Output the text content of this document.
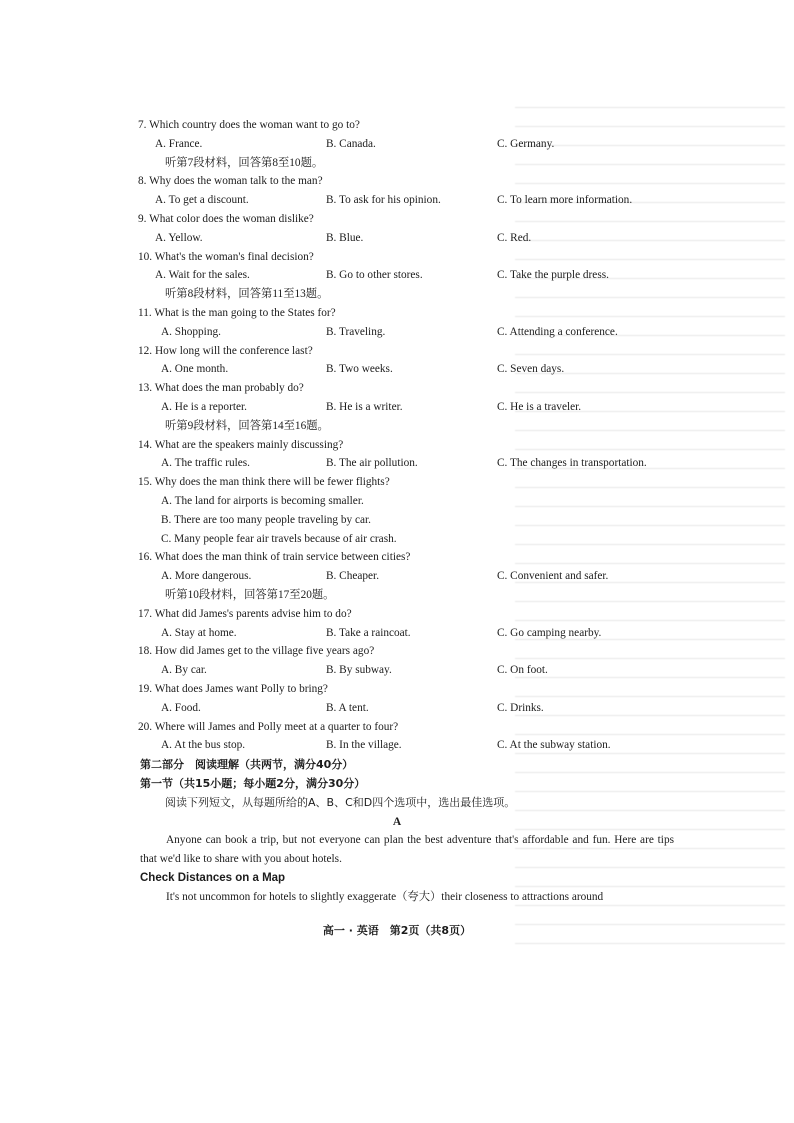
7. Which country does the woman want to go to?
A. France.	B. Canada.	C. Germany.
听第7段材料，回答第8至10题。
8. Why does the woman talk to the man?
A. To get a discount.	B. To ask for his opinion.	C. To learn more information.
9. What color does the woman dislike?
A. Yellow.	B. Blue.	C. Red.
10. What's the woman's final decision?
A. Wait for the sales.	B. Go to other stores.	C. Take the purple dress.
听第8段材料，回答第11至13题。
11. What is the man going to the States for?
A. Shopping.	B. Traveling.	C. Attending a conference.
12. How long will the conference last?
A. One month.	B. Two weeks.	C. Seven days.
13. What does the man probably do?
A. He is a reporter.	B. He is a writer.	C. He is a traveler.
听第9段材料，回答第14至16题。
14. What are the speakers mainly discussing?
A. The traffic rules.	B. The air pollution.	C. The changes in transportation.
15. Why does the man think there will be fewer flights?
A. The land for airports is becoming smaller.
B. There are too many people traveling by car.
C. Many people fear air travels because of air crash.
16. What does the man think of train service between cities?
A. More dangerous.	B. Cheaper.	C. Convenient and safer.
听第10段材料，回答第17至20题。
17. What did James's parents advise him to do?
A. Stay at home.	B. Take a raincoat.	C. Go camping nearby.
18. How did James get to the village five years ago?
A. By car.	B. By subway.	C. On foot.
19. What does James want Polly to bring?
A. Food.	B. A tent.	C. Drinks.
20. Where will James and Polly meet at a quarter to four?
A. At the bus stop.	B. In the village.	C. At the subway station.
第二部分　阅读理解（共两节，满分40分）
第一节（共15小题；每小题2分，满分30分）
阅读下列短文，从每题所给的A、B、C和D四个选项中，选出最佳选项。
A
Anyone can book a trip, but not everyone can plan the best adventure that's affordable and fun. Here are tips that we'd like to share with you about hotels.
Check Distances on a Map
It's not uncommon for hotels to slightly exaggerate（夸大）their closeness to attractions around
高一 · 英语　第2页（共8页）
